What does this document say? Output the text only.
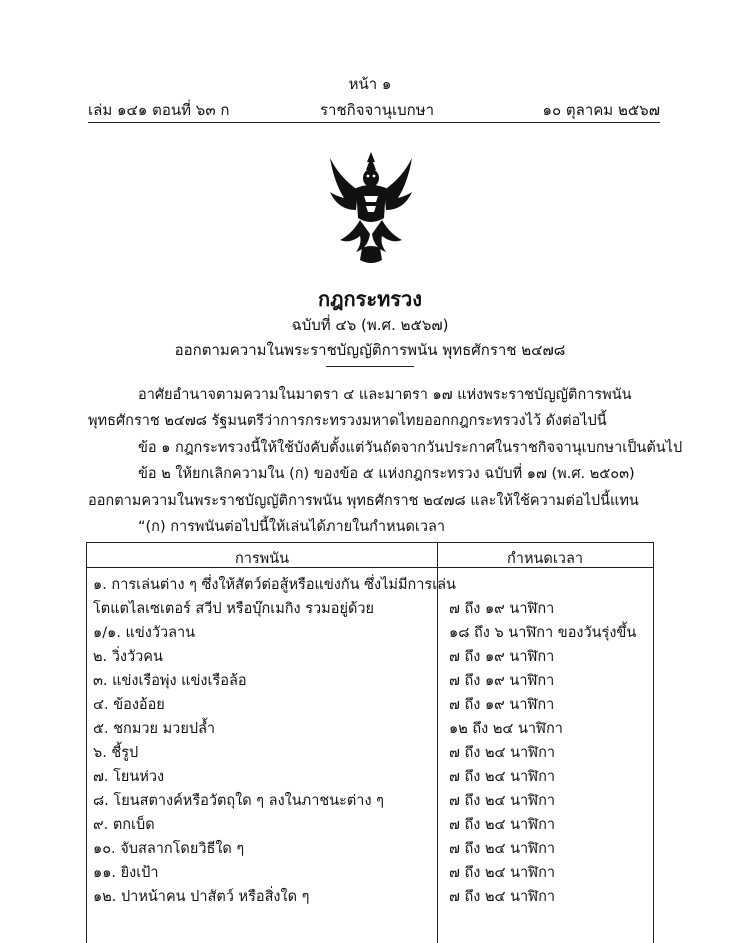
หน้า ๑
เล่ม ๑๔๑ ตอนที่ ๖๓ ก	ราชกิจจานุเบกษา	๑๐ ตุลาคม ๒๕๖๗
กฎกระทรวง
ฉบับที่ ๔๖ (พ.ศ. ๒๕๖๗)
ออกตามความในพระราชบัญญัติการพนัน พุทธศักราช ๒๔๗๘
อาศัยอำนาจตามความในมาตรา ๔ และมาตรา ๑๗ แห่งพระราชบัญญัติการพนัน
พุทธศักราช ๒๔๗๘ รัฐมนตรีว่าการกระทรวงมหาดไทยออกกฎกระทรวงไว้ ดังต่อไปนี้
ข้อ ๑ กฎกระทรวงนี้ให้ใช้บังคับตั้งแต่วันถัดจากวันประกาศในราชกิจจานุเบกษาเป็นต้นไป
ข้อ ๒ ให้ยกเลิกความใน (ก) ของข้อ ๕ แห่งกฎกระทรวง ฉบับที่ ๑๗ (พ.ศ. ๒๕๐๓)
ออกตามความในพระราชบัญญัติการพนัน พุทธศักราช ๒๔๗๘ และให้ใช้ความต่อไปนี้แทน
“(ก) การพนันต่อไปนี้ให้เล่นได้ภายในกำหนดเวลา
การพนัน	กำหนดเวลา
๑. การเล่นต่าง ๆ ซึ่งให้สัตว์ต่อสู้หรือแข่งกัน ซึ่งไม่มีการเล่น
โตแตไลเซเตอร์ สวีป หรือบุ๊กเมกิง รวมอยู่ด้วย	๗ ถึง ๑๙ นาฬิกา
๑/๑. แข่งวัวลาน	๑๘ ถึง ๖ นาฬิกา ของวันรุ่งขึ้น
๒. วิ่งวัวคน	๗ ถึง ๑๙ นาฬิกา
๓. แข่งเรือพุ่ง แข่งเรือล้อ	๗ ถึง ๑๙ นาฬิกา
๔. ข้องอ้อย	๗ ถึง ๑๙ นาฬิกา
๕. ชกมวย มวยปล้ำ	๑๒ ถึง ๒๔ นาฬิกา
๖. ชี้รูป	๗ ถึง ๒๔ นาฬิกา
๗. โยนห่วง	๗ ถึง ๒๔ นาฬิกา
๘. โยนสตางค์หรือวัตถุใด ๆ ลงในภาชนะต่าง ๆ	๗ ถึง ๒๔ นาฬิกา
๙. ตกเบ็ด	๗ ถึง ๒๔ นาฬิกา
๑๐. จับสลากโดยวิธีใด ๆ	๗ ถึง ๒๔ นาฬิกา
๑๑. ยิงเป้า	๗ ถึง ๒๔ นาฬิกา
๑๒. ปาหน้าคน ปาสัตว์ หรือสิ่งใด ๆ	๗ ถึง ๒๔ นาฬิกา
